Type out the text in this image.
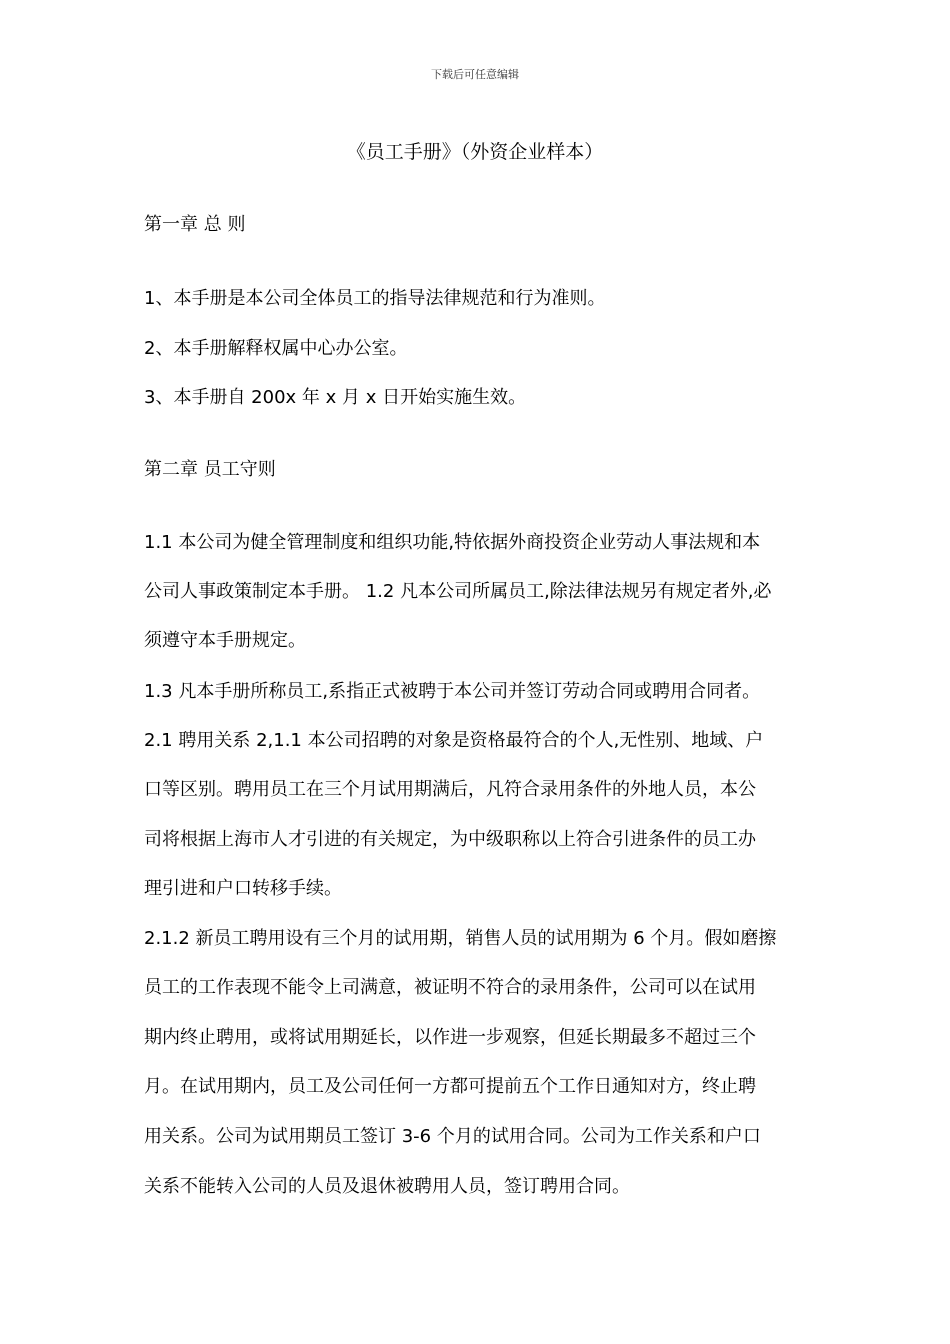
下载后可任意编辑
《员工手册》（外资企业样本）

第一章 总 则

1、本手册是本公司全体员工的指导法律规范和行为准则。

2、本手册解释权属中心办公室。

3、本手册自 200x 年 x 月 x 日开始实施生效。

第二章 员工守则

1.1 本公司为健全管理制度和组织功能,特依据外商投资企业劳动人事法规和本

公司人事政策制定本手册。 1.2 凡本公司所属员工,除法律法规另有规定者外,必

须遵守本手册规定。

1.3 凡本手册所称员工,系指正式被聘于本公司并签订劳动合同或聘用合同者。

2.1 聘用关系 2,1.1 本公司招聘的对象是资格最符合的个人,无性别、地域、户

口等区别。聘用员工在三个月试用期满后，凡符合录用条件的外地人员，本公

司将根据上海市人才引进的有关规定，为中级职称以上符合引进条件的员工办

理引进和户口转移手续。

2.1.2 新员工聘用设有三个月的试用期，销售人员的试用期为 6 个月。假如磨擦

员工的工作表现不能令上司满意，被证明不符合的录用条件，公司可以在试用

期内终止聘用，或将试用期延长，以作进一步观察，但延长期最多不超过三个

月。在试用期内，员工及公司任何一方都可提前五个工作日通知对方，终止聘

用关系。公司为试用期员工签订 3-6 个月的试用合同。公司为工作关系和户口

关系不能转入公司的人员及退休被聘用人员，签订聘用合同。
